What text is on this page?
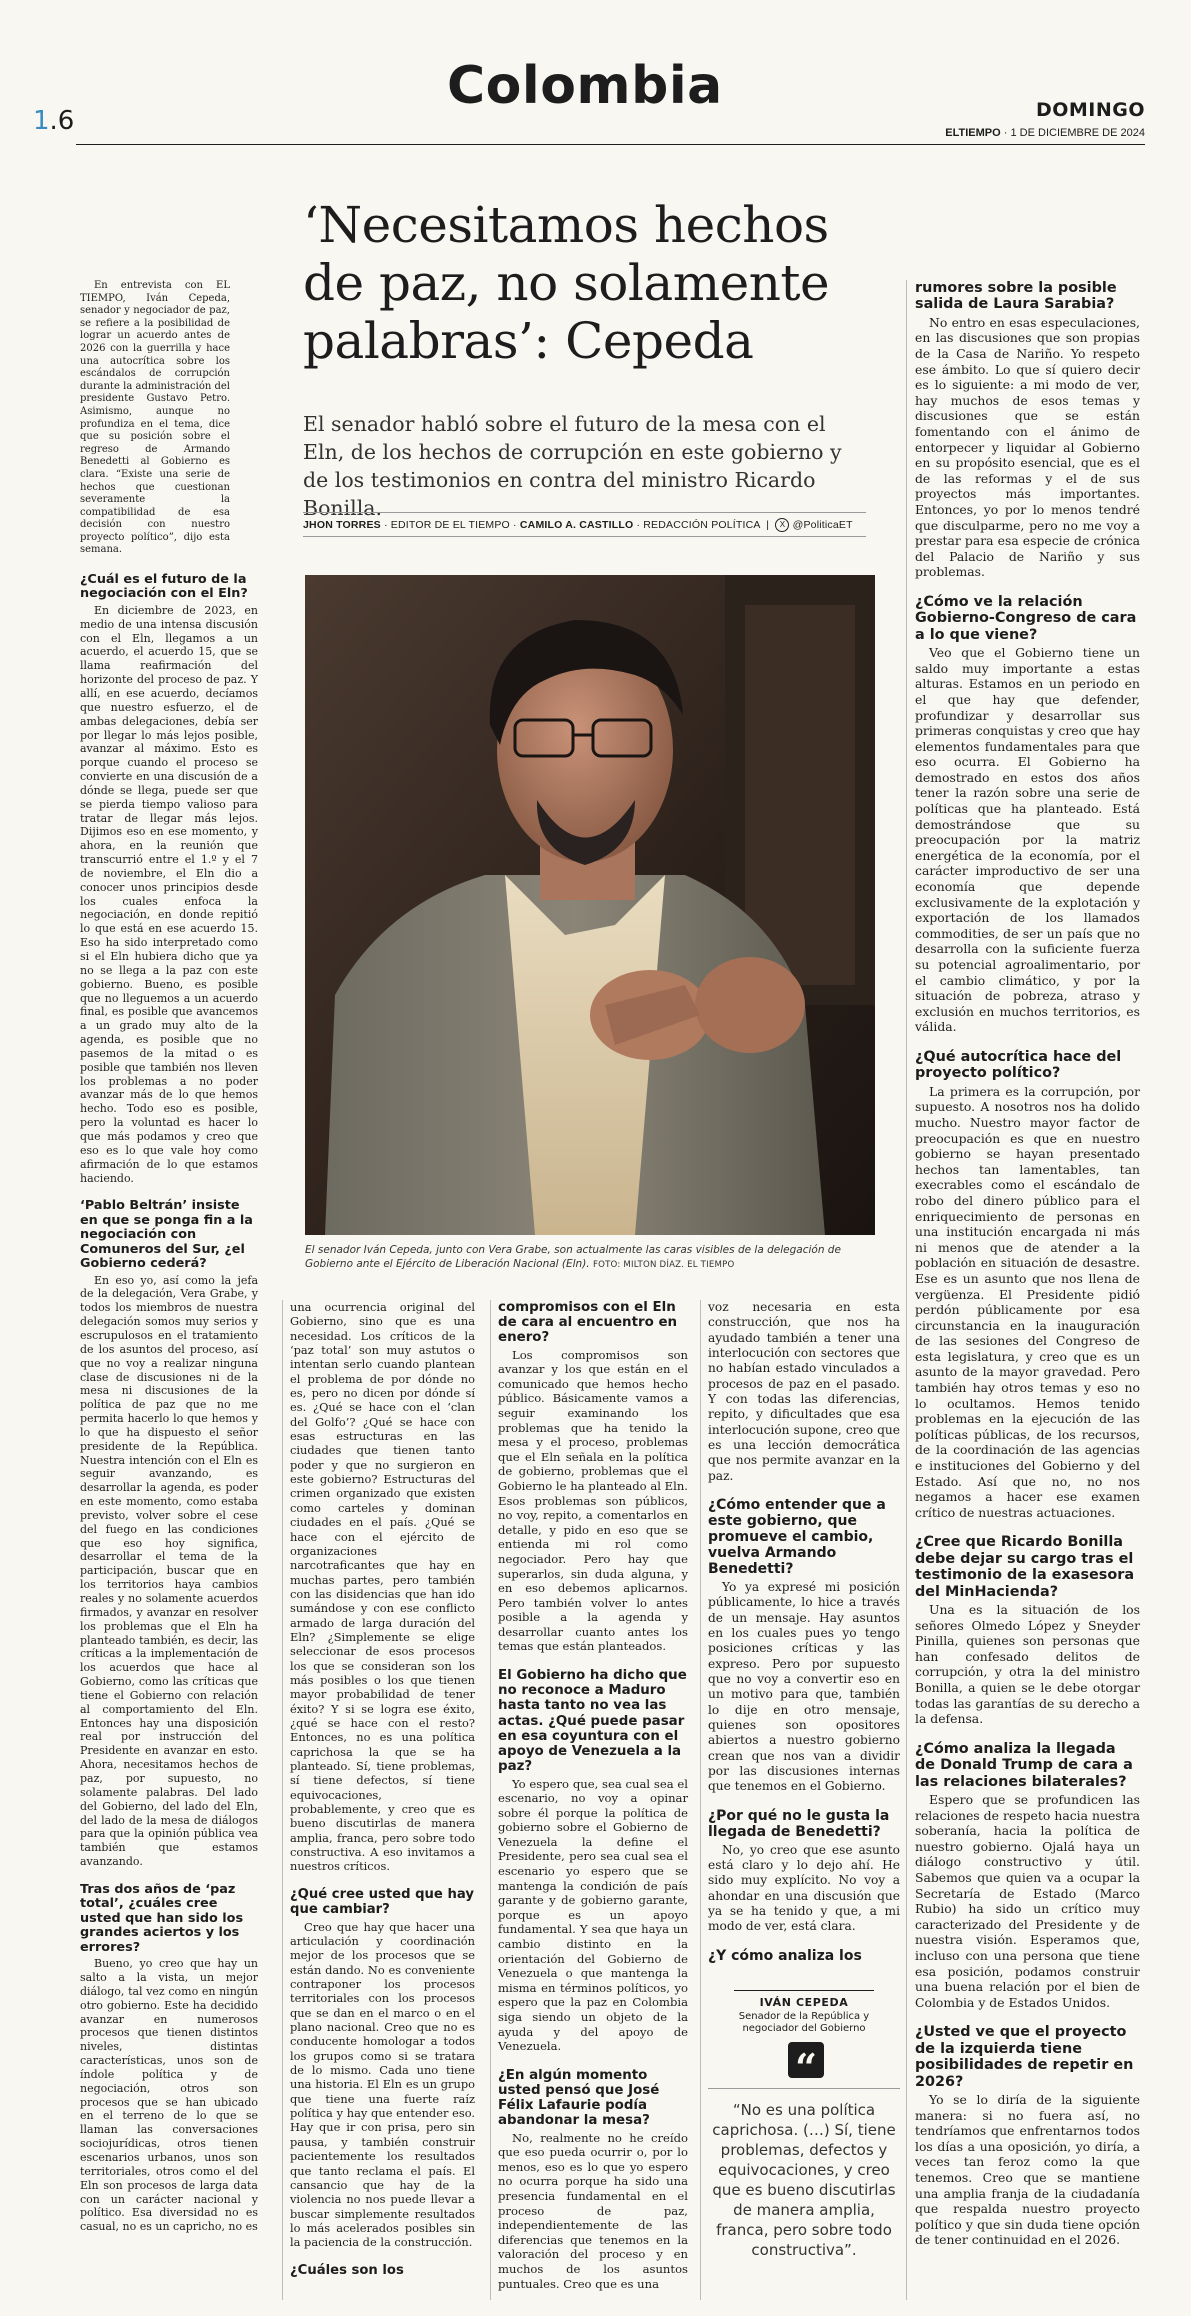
1.6
Colombia	DOMINGO
ELTIEMPO · 1 DE DICIEMBRE DE 2024
‘Necesitamos hechos de paz, no solamente palabras’: Cepeda
El senador habló sobre el futuro de la mesa con el Eln, de los hechos de corrupción en este gobierno y de los testimonios en contra del ministro Ricardo Bonilla.
JHON TORRES · EDITOR DE EL TIEMPO · CAMILO A. CASTILLO · REDACCIÓN POLÍTICA  |  X @PoliticaET
El senador Iván Cepeda, junto con Vera Grabe, son actualmente las caras visibles de la delegación de Gobierno ante el Ejército de Liberación Nacional (Eln). FOTO: MILTON DÍAZ. EL TIEMPO

En entrevista con EL TIEMPO, Iván Cepeda, senador y negociador de paz, se refiere a la posibilidad de lograr un acuerdo antes de 2026 con la guerrilla y hace una autocrítica sobre los escándalos de corrupción durante la administración del presidente Gustavo Petro. Asimismo, aunque no profundiza en el tema, dice que su posición sobre el regreso de Armando Benedetti al Gobierno es clara. “Existe una serie de hechos que cuestionan severamente la compatibilidad de esa decisión con nuestro proyecto político”, dijo esta semana.

¿Cuál es el futuro de la negociación con el Eln?

En diciembre de 2023, en medio de una intensa discusión con el Eln, llegamos a un acuerdo, el acuerdo 15, que se llama reafirmación del horizonte del proceso de paz. Y allí, en ese acuerdo, decíamos que nuestro esfuerzo, el de ambas delegaciones, debía ser por llegar lo más lejos posible, avanzar al máximo. Esto es porque cuando el proceso se convierte en una discusión de a dónde se llega, puede ser que se pierda tiempo valioso para tratar de llegar más lejos. Dijimos eso en ese momento, y ahora, en la reunión que transcurrió entre el 1.º y el 7 de noviembre, el Eln dio a conocer unos principios desde los cuales enfoca la negociación, en donde repitió lo que está en ese acuerdo 15. Eso ha sido interpretado como si el Eln hubiera dicho que ya no se llega a la paz con este gobierno. Bueno, es posible que no lleguemos a un acuerdo final, es posible que avancemos a un grado muy alto de la agenda, es posible que no pasemos de la mitad o es posible que también nos lleven los problemas a no poder avanzar más de lo que hemos hecho. Todo eso es posible, pero la voluntad es hacer lo que más podamos y creo que eso es lo que vale hoy como afirmación de lo que estamos haciendo.

‘Pablo Beltrán’ insiste en que se ponga fin a la negociación con Comuneros del Sur, ¿el Gobierno cederá?

En eso yo, así como la jefa de la delegación, Vera Grabe, y todos los miembros de nuestra delegación somos muy serios y escrupulosos en el tratamiento de los asuntos del proceso, así que no voy a realizar ninguna clase de discusiones ni de la mesa ni discusiones de la política de paz que no me permita hacerlo lo que hemos y lo que ha dispuesto el señor presidente de la República. Nuestra intención con el Eln es seguir avanzando, es desarrollar la agenda, es poder en este momento, como estaba previsto, volver sobre el cese del fuego en las condiciones que eso hoy significa, desarrollar el tema de la participación, buscar que en los territorios haya cambios reales y no solamente acuerdos firmados, y avanzar en resolver los problemas que el Eln ha planteado también, es decir, las críticas a la implementación de los acuerdos que hace al Gobierno, como las críticas que tiene el Gobierno con relación al comportamiento del Eln. Entonces hay una disposición real por instrucción del Presidente en avanzar en esto. Ahora, necesitamos hechos de paz, por supuesto, no solamente palabras. Del lado del Gobierno, del lado del Eln, del lado de la mesa de diálogos para que la opinión pública vea también que estamos avanzando.

Tras dos años de ‘paz total’, ¿cuáles cree usted que han sido los grandes aciertos y los errores?

Bueno, yo creo que hay un salto a la vista, un mejor diálogo, tal vez como en ningún otro gobierno. Este ha decidido avanzar en numerosos procesos que tienen distintos niveles, distintas características, unos son de índole política y de negociación, otros son procesos que se han ubicado en el terreno de lo que se llaman las conversaciones sociojurídicas, otros tienen escenarios urbanos, unos son territoriales, otros como el del Eln son procesos de larga data con un carácter nacional y político. Esa diversidad no es casual, no es un capricho, no es

una ocurrencia original del Gobierno, sino que es una necesidad. Los críticos de la ‘paz total’ son muy astutos o intentan serlo cuando plantean el problema de por dónde no es, pero no dicen por dónde sí es. ¿Qué se hace con el ‘clan del Golfo’? ¿Qué se hace con esas estructuras en las ciudades que tienen tanto poder y que no surgieron en este gobierno? Estructuras del crimen organizado que existen como carteles y dominan ciudades en el país. ¿Qué se hace con el ejército de organizaciones narcotraficantes que hay en muchas partes, pero también con las disidencias que han ido sumándose y con ese conflicto armado de larga duración del Eln? ¿Simplemente se elige seleccionar de esos procesos los que se consideran son los más posibles o los que tienen mayor probabilidad de tener éxito? Y si se logra ese éxito, ¿qué se hace con el resto? Entonces, no es una política caprichosa la que se ha planteado. Sí, tiene problemas, sí tiene defectos, sí tiene equivocaciones, probablemente, y creo que es bueno discutirlas de manera amplia, franca, pero sobre todo constructiva. A eso invitamos a nuestros críticos.

¿Qué cree usted que hay que cambiar?

Creo que hay que hacer una articulación y coordinación mejor de los procesos que se están dando. No es conveniente contraponer los procesos territoriales con los procesos que se dan en el marco o en el plano nacional. Creo que no es conducente homologar a todos los grupos como si se tratara de lo mismo. Cada uno tiene una historia. El Eln es un grupo que tiene una fuerte raíz política y hay que entender eso. Hay que ir con prisa, pero sin pausa, y también construir pacientemente los resultados que tanto reclama el país. El cansancio que hay de la violencia no nos puede llevar a buscar simplemente resultados lo más acelerados posibles sin la paciencia de la construcción.

¿Cuáles son los
compromisos con el Eln de cara al encuentro en enero?

Los compromisos son avanzar y los que están en el comunicado que hemos hecho público. Básicamente vamos a seguir examinando los problemas que ha tenido la mesa y el proceso, problemas que el Eln señala en la política de gobierno, problemas que el Gobierno le ha planteado al Eln. Esos problemas son públicos, no voy, repito, a comentarlos en detalle, y pido en eso que se entienda mi rol como negociador. Pero hay que superarlos, sin duda alguna, y en eso debemos aplicarnos. Pero también volver lo antes posible a la agenda y desarrollar cuanto antes los temas que están planteados.

El Gobierno ha dicho que no reconoce a Maduro hasta tanto no vea las actas. ¿Qué puede pasar en esa coyuntura con el apoyo de Venezuela a la paz?

Yo espero que, sea cual sea el escenario, no voy a opinar sobre él porque la política de gobierno sobre el Gobierno de Venezuela la define el Presidente, pero sea cual sea el escenario yo espero que se mantenga la condición de país garante y de gobierno garante, porque es un apoyo fundamental. Y sea que haya un cambio distinto en la orientación del Gobierno de Venezuela o que mantenga la misma en términos políticos, yo espero que la paz en Colombia siga siendo un objeto de la ayuda y del apoyo de Venezuela.

¿En algún momento usted pensó que José Félix Lafaurie podía abandonar la mesa?

No, realmente no he creído que eso pueda ocurrir o, por lo menos, eso es lo que yo espero no ocurra porque ha sido una presencia fundamental en el proceso de paz, independientemente de las diferencias que tenemos en la valoración del proceso y en muchos de los asuntos puntuales. Creo que es una

voz necesaria en esta construcción, que nos ha ayudado también a tener una interlocución con sectores que no habían estado vinculados a procesos de paz en el pasado. Y con todas las diferencias, repito, y dificultades que esa interlocución supone, creo que es una lección democrática que nos permite avanzar en la paz.

¿Cómo entender que a este gobierno, que promueve el cambio, vuelva Armando Benedetti?

Yo ya expresé mi posición públicamente, lo hice a través de un mensaje. Hay asuntos en los cuales pues yo tengo posiciones críticas y las expreso. Pero por supuesto que no voy a convertir eso en un motivo para que, también lo dije en otro mensaje, quienes son opositores abiertos a nuestro gobierno crean que nos van a dividir por las discusiones internas que tenemos en el Gobierno.

¿Por qué no le gusta la llegada de Benedetti?

No, yo creo que ese asunto está claro y lo dejo ahí. He sido muy explícito. No voy a ahondar en una discusión que ya se ha tenido y que, a mi modo de ver, está clara.

¿Y cómo analiza los
IVÁN CEPEDA
Senador de la República y
negociador del Gobierno
“
“No es una política caprichosa. (…) Sí, tiene problemas, defectos y equivocaciones, y creo que es bueno discutirlas de manera amplia, franca, pero sobre todo constructiva”.
rumores sobre la posible salida de Laura Sarabia?

No entro en esas especulaciones, en las discusiones que son propias de la Casa de Nariño. Yo respeto ese ámbito. Lo que sí quiero decir es lo siguiente: a mi modo de ver, hay muchos de esos temas y discusiones que se están fomentando con el ánimo de entorpecer y liquidar al Gobierno en su propósito esencial, que es el de las reformas y el de sus proyectos más importantes. Entonces, yo por lo menos tendré que disculparme, pero no me voy a prestar para esa especie de crónica del Palacio de Nariño y sus problemas.

¿Cómo ve la relación Gobierno-Congreso de cara a lo que viene?

Veo que el Gobierno tiene un saldo muy importante a estas alturas. Estamos en un periodo en el que hay que defender, profundizar y desarrollar sus primeras conquistas y creo que hay elementos fundamentales para que eso ocurra. El Gobierno ha demostrado en estos dos años tener la razón sobre una serie de políticas que ha planteado. Está demostrándose que su preocupación por la matriz energética de la economía, por el carácter improductivo de ser una economía que depende exclusivamente de la explotación y exportación de los llamados commodities, de ser un país que no desarrolla con la suficiente fuerza su potencial agroalimentario, por el cambio climático, y por la situación de pobreza, atraso y exclusión en muchos territorios, es válida.

¿Qué autocrítica hace del proyecto político?

La primera es la corrupción, por supuesto. A nosotros nos ha dolido mucho. Nuestro mayor factor de preocupación es que en nuestro gobierno se hayan presentado hechos tan lamentables, tan execrables como el escándalo de robo del dinero público para el enriquecimiento de personas en una institución encargada ni más ni menos que de atender a la población en situación de desastre. Ese es un asunto que nos llena de vergüenza. El Presidente pidió perdón públicamente por esa circunstancia en la inauguración de las sesiones del Congreso de esta legislatura, y creo que es un asunto de la mayor gravedad. Pero también hay otros temas y eso no lo ocultamos. Hemos tenido problemas en la ejecución de las políticas públicas, de los recursos, de la coordinación de las agencias e instituciones del Gobierno y del Estado. Así que no, no nos negamos a hacer ese examen crítico de nuestras actuaciones.

¿Cree que Ricardo Bonilla debe dejar su cargo tras el testimonio de la exasesora del MinHacienda?

Una es la situación de los señores Olmedo López y Sneyder Pinilla, quienes son personas que han confesado delitos de corrupción, y otra la del ministro Bonilla, a quien se le debe otorgar todas las garantías de su derecho a la defensa.

¿Cómo analiza la llegada de Donald Trump de cara a las relaciones bilaterales?

Espero que se profundicen las relaciones de respeto hacia nuestra soberanía, hacia la política de nuestro gobierno. Ojalá haya un diálogo constructivo y útil. Sabemos que quien va a ocupar la Secretaría de Estado (Marco Rubio) ha sido un crítico muy caracterizado del Presidente y de nuestra visión. Esperamos que, incluso con una persona que tiene esa posición, podamos construir una buena relación por el bien de Colombia y de Estados Unidos.

¿Usted ve que el proyecto de la izquierda tiene posibilidades de repetir en 2026?

Yo se lo diría de la siguiente manera: si no fuera así, no tendríamos que enfrentarnos todos los días a una oposición, yo diría, a veces tan feroz como la que tenemos. Creo que se mantiene una amplia franja de la ciudadanía que respalda nuestro proyecto político y que sin duda tiene opción de tener continuidad en el 2026.
